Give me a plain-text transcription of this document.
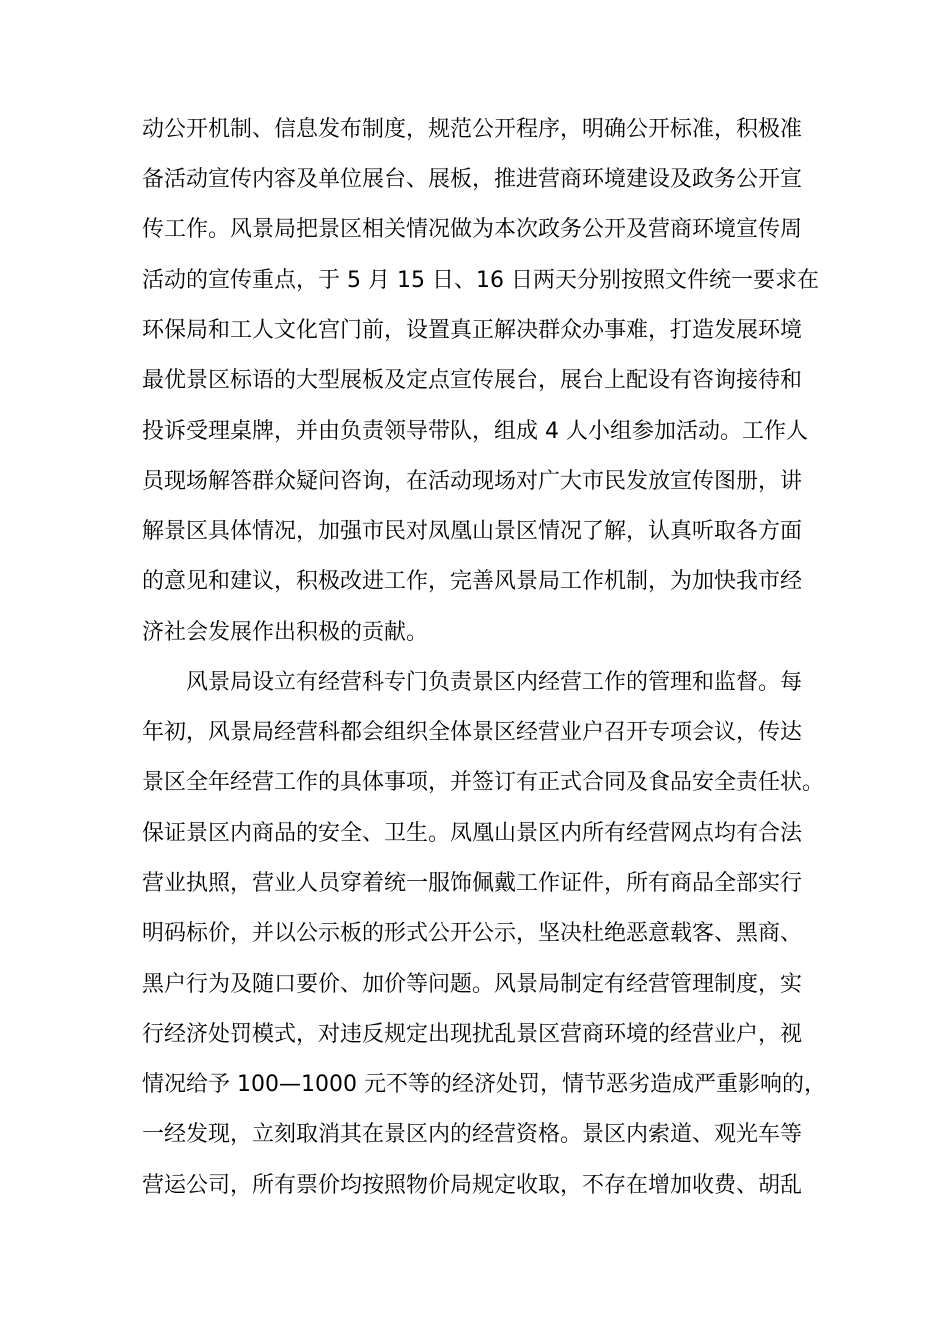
动公开机制、信息发布制度，规范公开程序，明确公开标准，积极准

备活动宣传内容及单位展台、展板，推进营商环境建设及政务公开宣

传工作。风景局把景区相关情况做为本次政务公开及营商环境宣传周

活动的宣传重点，于 5 月 15 日、16 日两天分别按照文件统一要求在

环保局和工人文化宫门前，设置真正解决群众办事难，打造发展环境

最优景区标语的大型展板及定点宣传展台，展台上配设有咨询接待和

投诉受理桌牌，并由负责领导带队，组成 4 人小组参加活动。工作人

员现场解答群众疑问咨询，在活动现场对广大市民发放宣传图册，讲

解景区具体情况，加强市民对凤凰山景区情况了解，认真听取各方面

的意见和建议，积极改进工作，完善风景局工作机制，为加快我市经

济社会发展作出积极的贡献。

风景局设立有经营科专门负责景区内经营工作的管理和监督。每

年初，风景局经营科都会组织全体景区经营业户召开专项会议，传达

景区全年经营工作的具体事项，并签订有正式合同及食品安全责任状。

保证景区内商品的安全、卫生。凤凰山景区内所有经营网点均有合法

营业执照，营业人员穿着统一服饰佩戴工作证件，所有商品全部实行

明码标价，并以公示板的形式公开公示，坚决杜绝恶意载客、黑商、

黑户行为及随口要价、加价等问题。风景局制定有经营管理制度，实

行经济处罚模式，对违反规定出现扰乱景区营商环境的经营业户，视

情况给予 100—1000 元不等的经济处罚，情节恶劣造成严重影响的，

一经发现，立刻取消其在景区内的经营资格。景区内索道、观光车等

营运公司，所有票价均按照物价局规定收取，不存在增加收费、胡乱
